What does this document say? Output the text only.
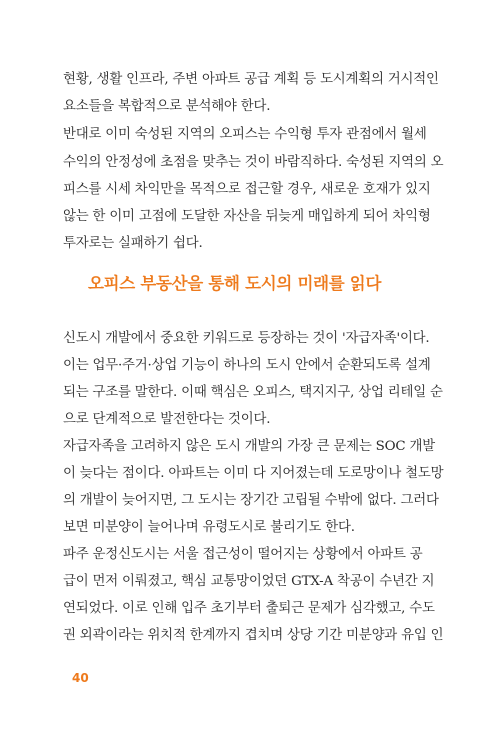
현황, 생활 인프라, 주변 아파트 공급 계획 등 도시계획의 거시적인
요소들을 복합적으로 분석해야 한다.
반대로 이미 숙성된 지역의 오피스는 수익형 투자 관점에서 월세
수익의 안정성에 초점을 맞추는 것이 바람직하다. 숙성된 지역의 오
피스를 시세 차익만을 목적으로 접근할 경우, 새로운 호재가 있지
않는 한 이미 고점에 도달한 자산을 뒤늦게 매입하게 되어 차익형
투자로는 실패하기 쉽다.
오피스 부동산을 통해 도시의 미래를 읽다
신도시 개발에서 중요한 키워드로 등장하는 것이 '자급자족'이다.
이는 업무·주거·상업 기능이 하나의 도시 안에서 순환되도록 설계
되는 구조를 말한다. 이때 핵심은 오피스, 택지지구, 상업 리테일 순
으로 단계적으로 발전한다는 것이다.
자급자족을 고려하지 않은 도시 개발의 가장 큰 문제는 SOC 개발
이 늦다는 점이다. 아파트는 이미 다 지어졌는데 도로망이나 철도망
의 개발이 늦어지면, 그 도시는 장기간 고립될 수밖에 없다. 그러다
보면 미분양이 늘어나며 유령도시로 불리기도 한다.
파주 운정신도시는 서울 접근성이 떨어지는 상황에서 아파트 공
급이 먼저 이뤄졌고, 핵심 교통망이었던 GTX-A 착공이 수년간 지
연되었다. 이로 인해 입주 초기부터 출퇴근 문제가 심각했고, 수도
권 외곽이라는 위치적 한계까지 겹치며 상당 기간 미분양과 유입 인
40
